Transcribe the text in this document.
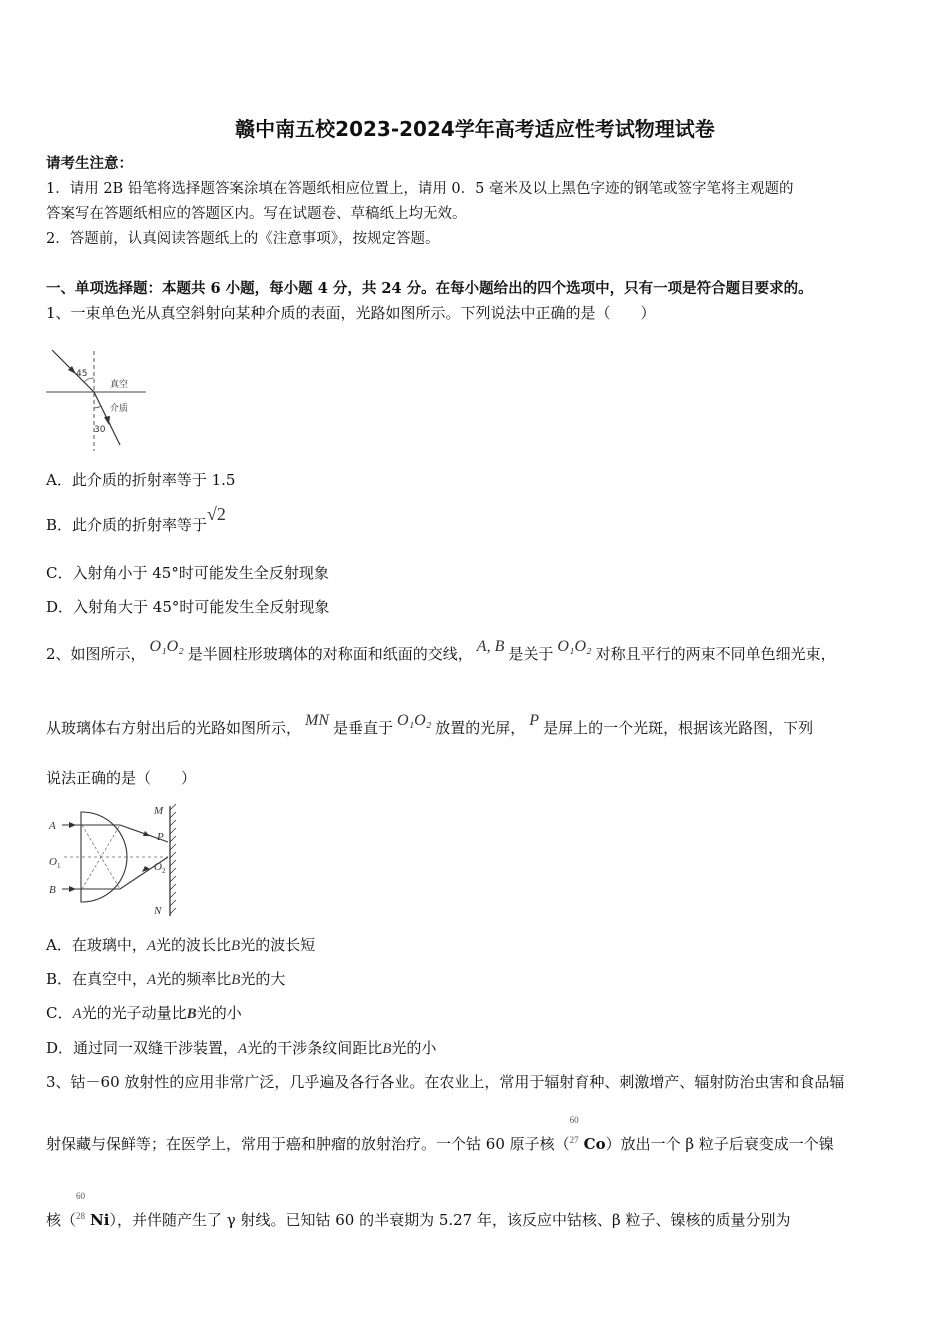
赣中南五校2023-2024学年高考适应性考试物理试卷
请考生注意：
1．请用 2B 铅笔将选择题答案涂填在答题纸相应位置上，请用 0．5 毫米及以上黑色字迹的钢笔或签字笔将主观题的
答案写在答题纸相应的答题区内。写在试题卷、草稿纸上均无效。
2．答题前，认真阅读答题纸上的《注意事项》，按规定答题。
一、单项选择题：本题共 6 小题，每小题 4 分，共 24 分。在每小题给出的四个选项中，只有一项是符合题目要求的。
1、一束单色光从真空斜射向某种介质的表面，光路如图所示。下列说法中正确的是（　　）
45
30
真空
介质
A．此介质的折射率等于 1.5
B．此介质的折射率等于√2
C．入射角小于 45°时可能发生全反射现象
D．入射角大于 45°时可能发生全反射现象
2、如图所示， O₁O₂ 是半圆柱形玻璃体的对称面和纸面的交线， A, B 是关于 O₁O₂ 对称且平行的两束不同单色细光束，
从玻璃体右方射出后的光路如图所示， MN 是垂直于 O₁O₂ 放置的光屏， P 是屏上的一个光斑，根据该光路图，下列
说法正确的是（　　）
M
N
P
A
B
O 1	O 2
A．在玻璃中，A光的波长比B光的波长短
B．在真空中，A光的频率比B光的大
C．A光的光子动量比B光的小
D．通过同一双缝干涉装置，A光的干涉条纹间距比B光的小
3、钴－60 放射性的应用非常广泛，几乎遍及各行各业。在农业上，常用于辐射育种、刺激增产、辐射防治虫害和食品辐
射保藏与保鲜等；在医学上，常用于癌和肿瘤的放射治疗。一个钴 60 原子核（
60
27 Co）放出一个 β 粒子后衰变成一个镍
核（
60
28 Ni），并伴随产生了 γ 射线。已知钴 60 的半衰期为 5.27 年，该反应中钴核、β 粒子、镍核的质量分别为
